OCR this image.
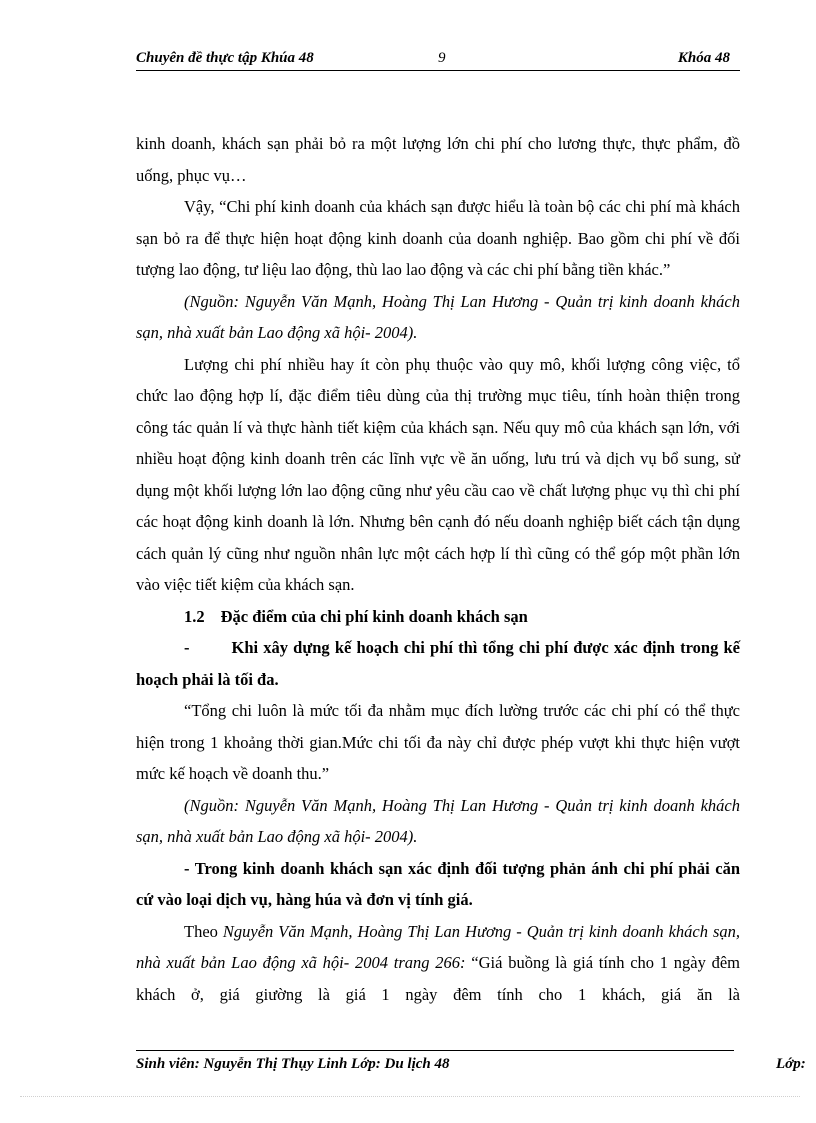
Chuyên đề thực tập Khúa 48	9	Khóa 48

kinh doanh, khách sạn phải bỏ ra một lượng lớn chi phí cho lương thực, thực phẩm, đồ uống, phục vụ…

Vậy, “Chi phí kinh doanh của khách sạn được hiểu là toàn bộ các chi phí mà khách sạn bỏ ra để thực hiện hoạt động kinh doanh của doanh nghiệp. Bao gồm chi phí về đối tượng lao động, tư liệu lao động, thù lao lao động và các chi phí bằng tiền khác.”

(Nguồn: Nguyễn Văn Mạnh, Hoàng Thị Lan Hương - Quản trị kinh doanh khách sạn, nhà xuất bản Lao động xã hội- 2004).

Lượng chi phí nhiều hay ít còn phụ thuộc vào quy mô, khối lượng công việc, tổ chức lao động hợp lí, đặc điểm tiêu dùng của thị trường mục tiêu, tính hoàn thiện trong công tác quản lí và thực hành tiết kiệm của khách sạn. Nếu quy mô của khách sạn lớn, với nhiều hoạt động kinh doanh trên các lĩnh vực về ăn uống, lưu trú và dịch vụ bổ sung, sử dụng một khối lượng lớn lao động cũng như yêu cầu cao về chất lượng phục vụ thì chi phí các hoạt động kinh doanh là lớn. Nhưng bên cạnh đó nếu doanh nghiệp biết cách tận dụng cách quản lý cũng như nguồn nhân lực một cách hợp lí thì cũng có thể góp một phần lớn vào việc tiết kiệm của khách sạn.

1.2 Đặc điểm của chi phí kinh doanh khách sạn

-	Khi xây dựng kế hoạch chi phí thì tổng chi phí được xác định trong kế hoạch phải là tối đa.

“Tổng chi luôn là mức tối đa nhằm mục đích lường trước các chi phí có thể thực hiện trong 1 khoảng thời gian.Mức chi tối đa này chỉ được phép vượt khi thực hiện vượt mức kế hoạch về doanh thu.”

(Nguồn: Nguyễn Văn Mạnh, Hoàng Thị Lan Hương - Quản trị kinh doanh khách sạn, nhà xuất bản Lao động xã hội- 2004).

- Trong kinh doanh khách sạn xác định đối tượng phản ánh chi phí phải căn cứ vào loại dịch vụ, hàng húa và đơn vị tính giá.

Theo Nguyễn Văn Mạnh, Hoàng Thị Lan Hương - Quản trị kinh doanh khách sạn, nhà xuất bản Lao động xã hội- 2004 trang 266: “Giá buồng là giá tính cho 1 ngày đêm khách ở, giá giường là giá 1 ngày đêm tính cho 1 khách, giá ăn là

Sinh viên: Nguyễn Thị Thụy Linh Lớp: Du lịch 48	Lớp:
